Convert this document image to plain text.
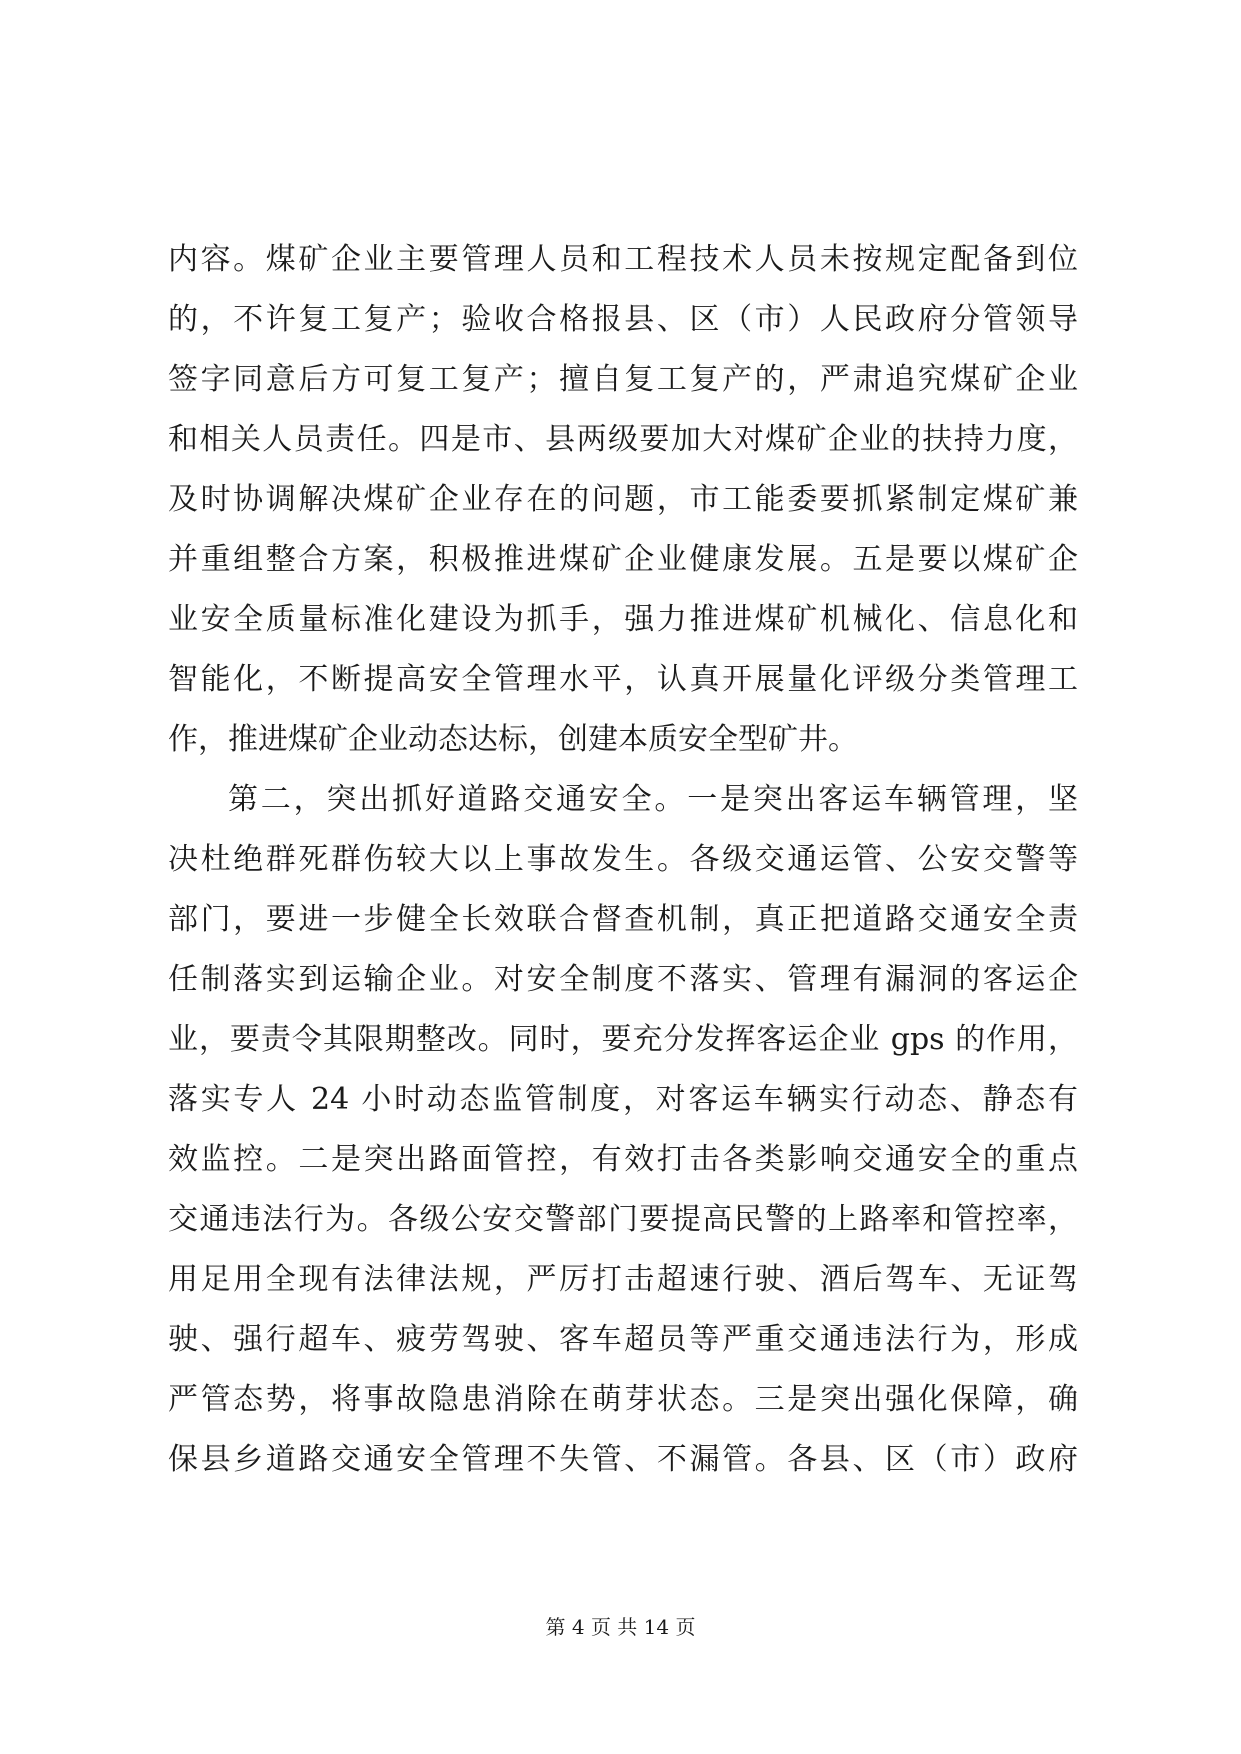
内容。煤矿企业主要管理人员和工程技术人员未按规定配备到位
的，不许复工复产；验收合格报县、区（市）人民政府分管领导
签字同意后方可复工复产；擅自复工复产的，严肃追究煤矿企业
和相关人员责任。四是市、县两级要加大对煤矿企业的扶持力度，
及时协调解决煤矿企业存在的问题，市工能委要抓紧制定煤矿兼
并重组整合方案，积极推进煤矿企业健康发展。五是要以煤矿企
业安全质量标准化建设为抓手，强力推进煤矿机械化、信息化和
智能化，不断提高安全管理水平，认真开展量化评级分类管理工
作，推进煤矿企业动态达标，创建本质安全型矿井。
第二，突出抓好道路交通安全。一是突出客运车辆管理，坚
决杜绝群死群伤较大以上事故发生。各级交通运管、公安交警等
部门，要进一步健全长效联合督查机制，真正把道路交通安全责
任制落实到运输企业。对安全制度不落实、管理有漏洞的客运企
业，要责令其限期整改。同时，要充分发挥客运企业 gps 的作用，
落实专人 24 小时动态监管制度，对客运车辆实行动态、静态有
效监控。二是突出路面管控，有效打击各类影响交通安全的重点
交通违法行为。各级公安交警部门要提高民警的上路率和管控率，
用足用全现有法律法规，严厉打击超速行驶、酒后驾车、无证驾
驶、强行超车、疲劳驾驶、客车超员等严重交通违法行为，形成
严管态势，将事故隐患消除在萌芽状态。三是突出强化保障，确
保县乡道路交通安全管理不失管、不漏管。各县、区（市）政府
第 4 页 共 14 页
